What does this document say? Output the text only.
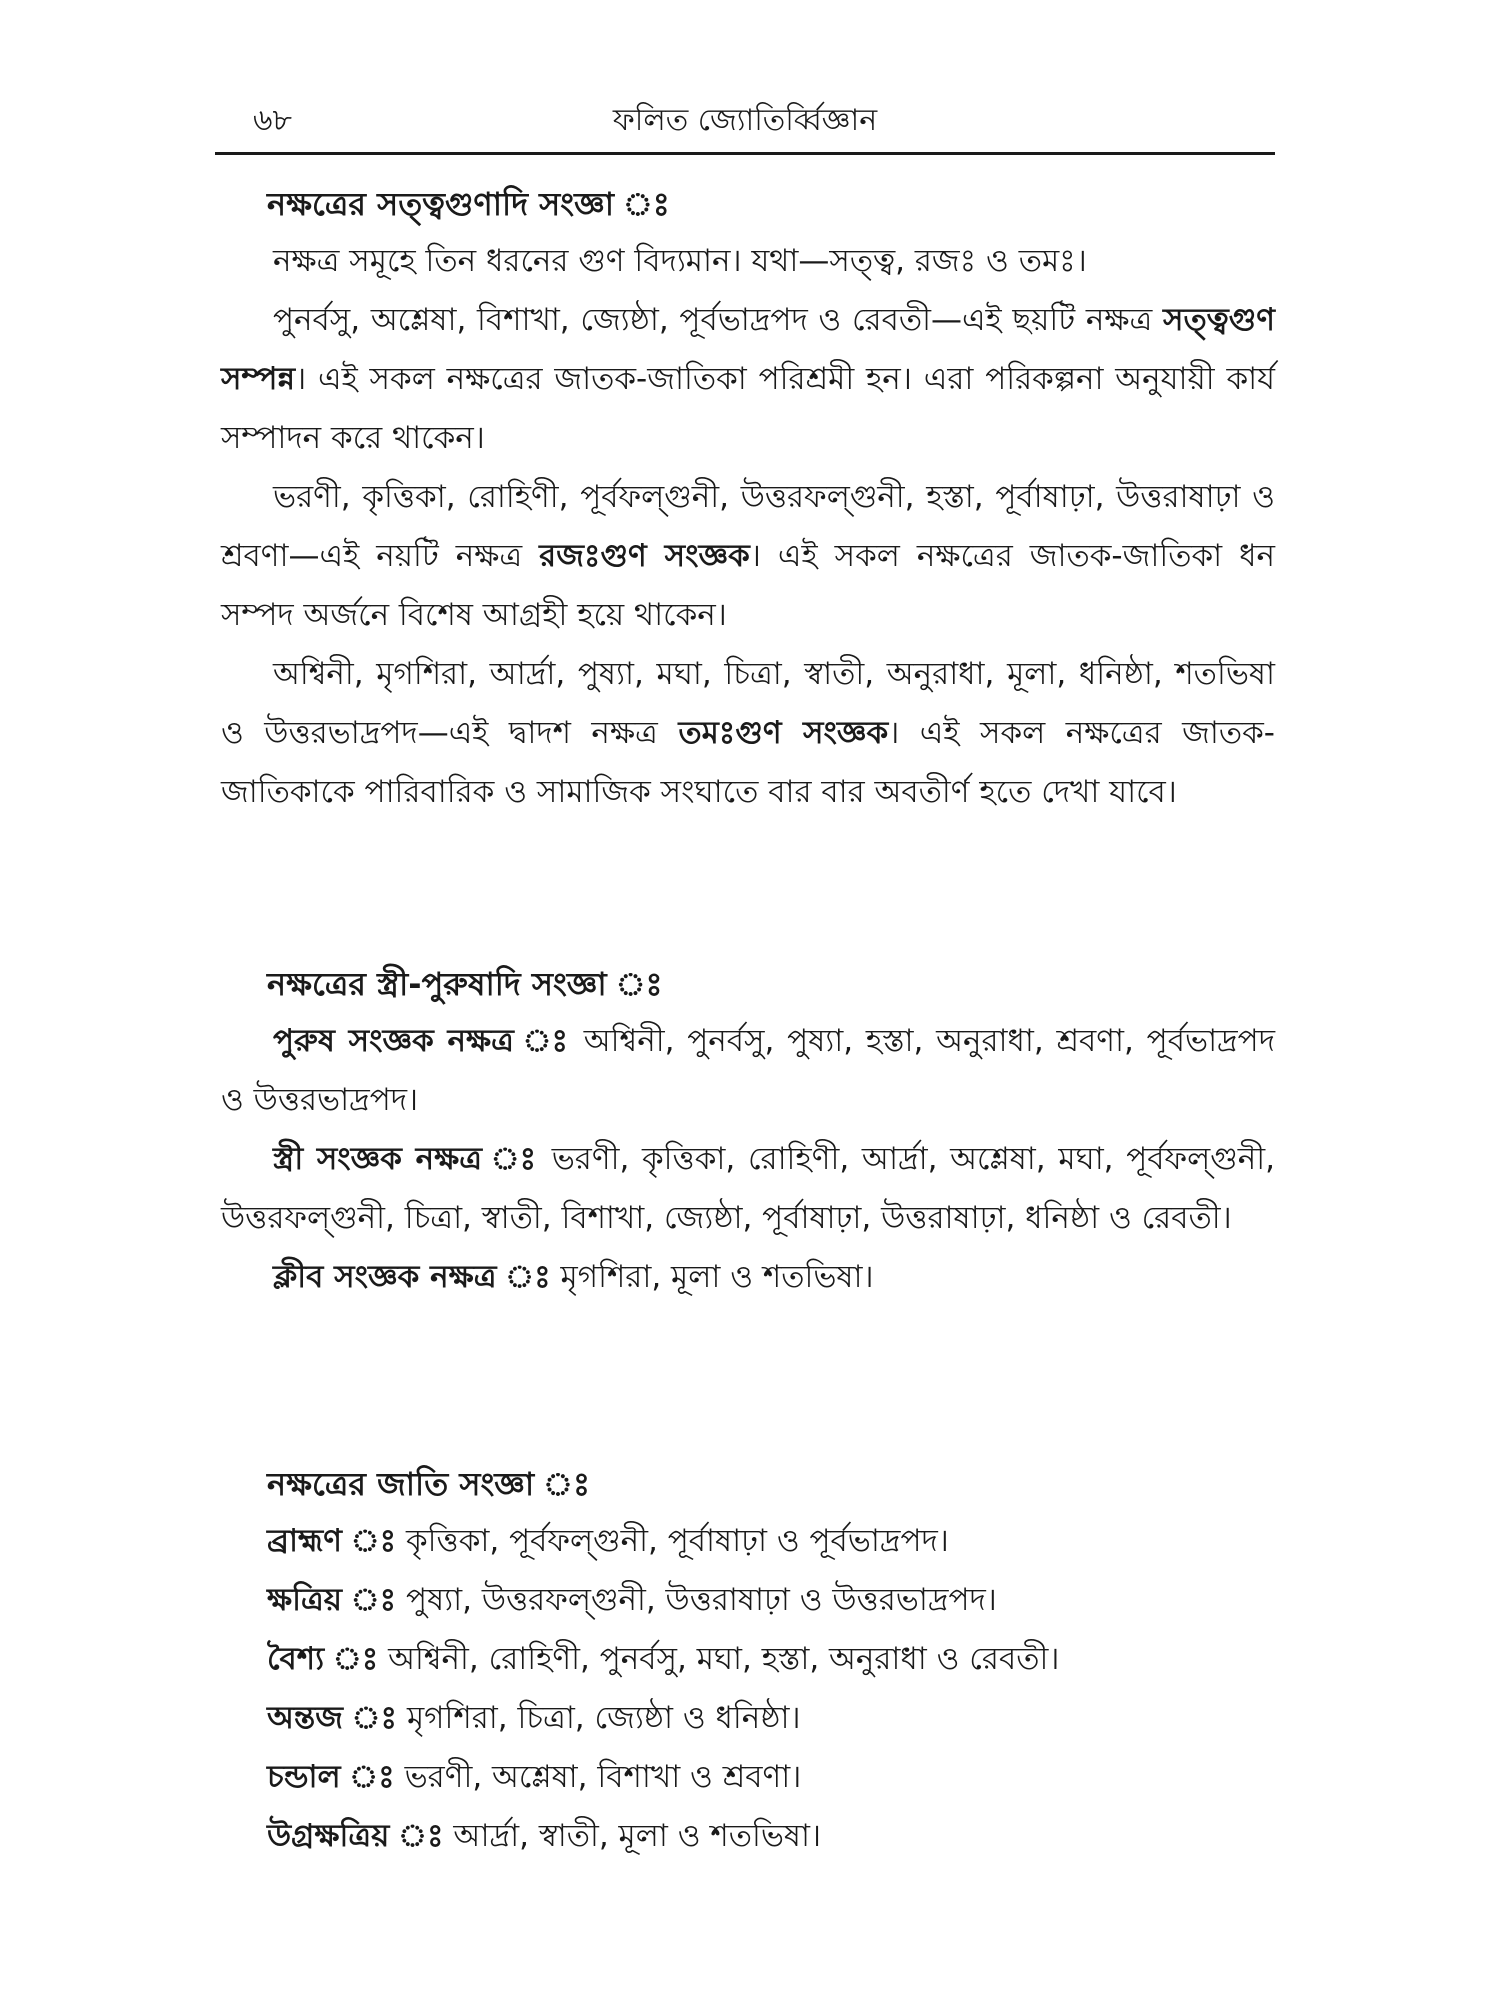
৬৮	ফলিত জ্যোতির্ব্বিজ্ঞান
নক্ষত্রের সত্ত্বগুণাদি সংজ্ঞা ঃ

নক্ষত্র সমূহে তিন ধরনের গুণ বিদ্যমান। যথা—সত্ত্ব, রজঃ ও তমঃ।

পুনর্বসু, অশ্লেষা, বিশাখা, জ্যেষ্ঠা, পূর্বভাদ্রপদ ও রেবতী—এই ছয়টি নক্ষত্র সত্ত্বগুণ সম্পন্ন। এই সকল নক্ষত্রের জাতক-জাতিকা পরিশ্রমী হন। এরা পরিকল্পনা অনুযায়ী কার্য সম্পাদন করে থাকেন।

ভরণী, কৃত্তিকা, রোহিণী, পূর্বফল্গুনী, উত্তরফল্গুনী, হস্তা, পূর্বাষাঢ়া, উত্তরাষাঢ়া ও শ্রবণা—এই নয়টি নক্ষত্র রজঃগুণ সংজ্ঞক। এই সকল নক্ষত্রের জাতক-জাতিকা ধন সম্পদ অর্জনে বিশেষ আগ্রহী হয়ে থাকেন।

অশ্বিনী, মৃগশিরা, আর্দ্রা, পুষ্যা, মঘা, চিত্রা, স্বাতী, অনুরাধা, মূলা, ধনিষ্ঠা, শতভিষা ও উত্তরভাদ্রপদ—এই দ্বাদশ নক্ষত্র তমঃগুণ সংজ্ঞক। এই সকল নক্ষত্রের জাতক-জাতিকাকে পারিবারিক ও সামাজিক সংঘাতে বার বার অবতীর্ণ হতে দেখা যাবে।

নক্ষত্রের স্ত্রী-পুরুষাদি সংজ্ঞা ঃ

পুরুষ সংজ্ঞক নক্ষত্র ঃ অশ্বিনী, পুনর্বসু, পুষ্যা, হস্তা, অনুরাধা, শ্রবণা, পূর্বভাদ্রপদ ও উত্তরভাদ্রপদ।

স্ত্রী সংজ্ঞক নক্ষত্র ঃ ভরণী, কৃত্তিকা, রোহিণী, আর্দ্রা, অশ্লেষা, মঘা, পূর্বফল্গুনী, উত্তরফল্গুনী, চিত্রা, স্বাতী, বিশাখা, জ্যেষ্ঠা, পূর্বাষাঢ়া, উত্তরাষাঢ়া, ধনিষ্ঠা ও রেবতী।

ক্লীব সংজ্ঞক নক্ষত্র ঃ মৃগশিরা, মূলা ও শতভিষা।

নক্ষত্রের জাতি সংজ্ঞা ঃ
ব্রাহ্মণ ঃ কৃত্তিকা, পূর্বফল্গুনী, পূর্বাষাঢ়া ও পূর্বভাদ্রপদ।
ক্ষত্রিয় ঃ পুষ্যা, উত্তরফল্গুনী, উত্তরাষাঢ়া ও উত্তরভাদ্রপদ।
বৈশ্য ঃ অশ্বিনী, রোহিণী, পুনর্বসু, মঘা, হস্তা, অনুরাধা ও রেবতী।
অন্তজ ঃ মৃগশিরা, চিত্রা, জ্যেষ্ঠা ও ধনিষ্ঠা।
চন্ডাল ঃ ভরণী, অশ্লেষা, বিশাখা ও শ্রবণা।
উগ্রক্ষত্রিয় ঃ আর্দ্রা, স্বাতী, মূলা ও শতভিষা।
